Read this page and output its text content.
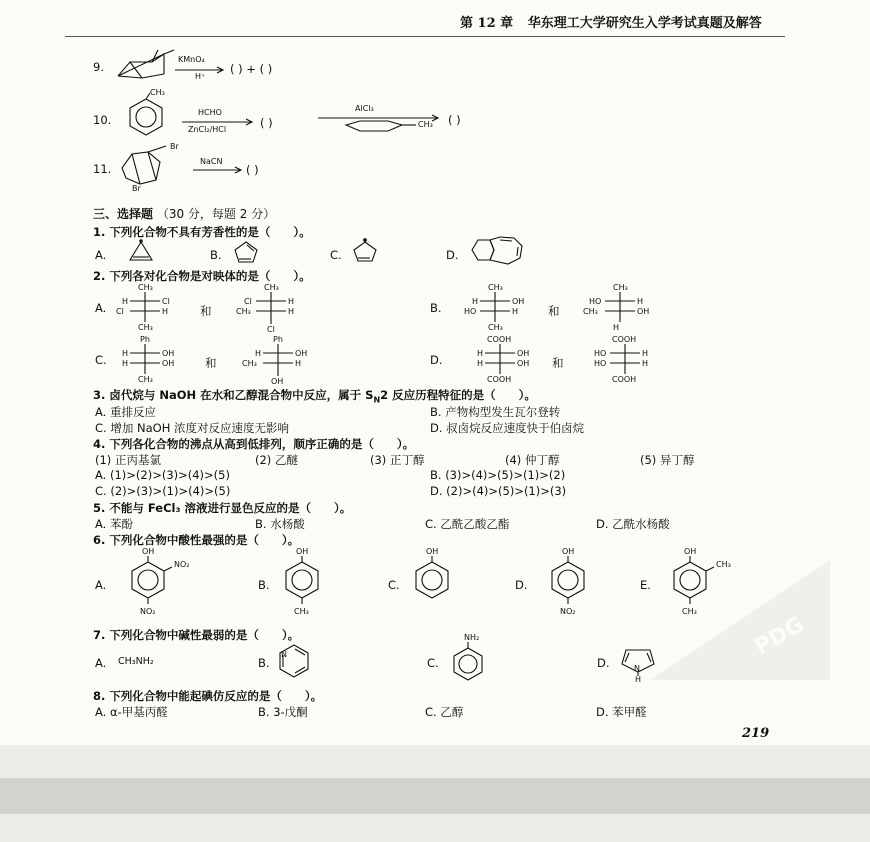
第 12 章 华东理工大学研究生入学考试真题及解答
9.
KMnO₄
H⁺
( ) + ( )
10.
CH₃
HCHO
ZnCl₂/HCl	( )
AlCl₃
CH₃ ( )
11.
Br
Br
NaCN
→ ( )
三、选择题 （30 分，每题 2 分）
1. 下列化合物不具有芳香性的是（　　）。
A.	B.	C.	D.
2. 下列各对化合物是对映体的是（　　）。
A.
CH₃
H	Cl
Cl	H
CH₃
和
CH₃
Cl	H
CH₃	H
Cl
B.
CH₃
H	OH
HO	H
CH₃
和
CH₃
HO	H
CH₃	OH
H
C.
Ph
H	OH
H	OH
CH₃
和
Ph
H	OH
CH₃	H
OH
D.
COOH
H	OH
H	OH
COOH
和
COOH
HO	H
HO	H
COOH
3. 卤代烷与 NaOH 在水和乙醇混合物中反应，属于 $S_N2$ 反应历程特征的是（　　）。
A. 重排反应	B. 产物构型发生瓦尔登转
C. 增加 NaOH 浓度对反应速度无影响	D. 叔卤烷反应速度快于伯卤烷
4. 下列各化合物的沸点从高到低排列，顺序正确的是（　　）。
(1) 正丙基氯	(2) 乙醚	(3) 正丁醇	(4) 仲丁醇	(5) 异丁醇
A. (1)>(2)>(3)>(4)>(5)	B. (3)>(4)>(5)>(1)>(2)
C. (2)>(3)>(1)>(4)>(5)	D. (2)>(4)>(5)>(1)>(3)
5. 不能与 FeCl₃ 溶液进行显色反应的是（　　）。
A. 苯酚	B. 水杨酸	C. 乙酰乙酸乙酯	D. 乙酰水杨酸
6. 下列化合物中酸性最强的是（　　）。
A.
OH
NO₂
NO₂
B.
OH
CH₃
C.
OH
D.
OH
NO₂
E.
OH
CH₃
CH₃
7. 下列化合物中碱性最弱的是（　　）。
A. CH₃NH₂	B.
N
C.
NH₂
D.	N
H
8. 下列化合物中能起碘仿反应的是（　　）。
A. α-甲基丙醛	B. 3-戊酮	C. 乙醇	D. 苯甲醛
219
PDG
